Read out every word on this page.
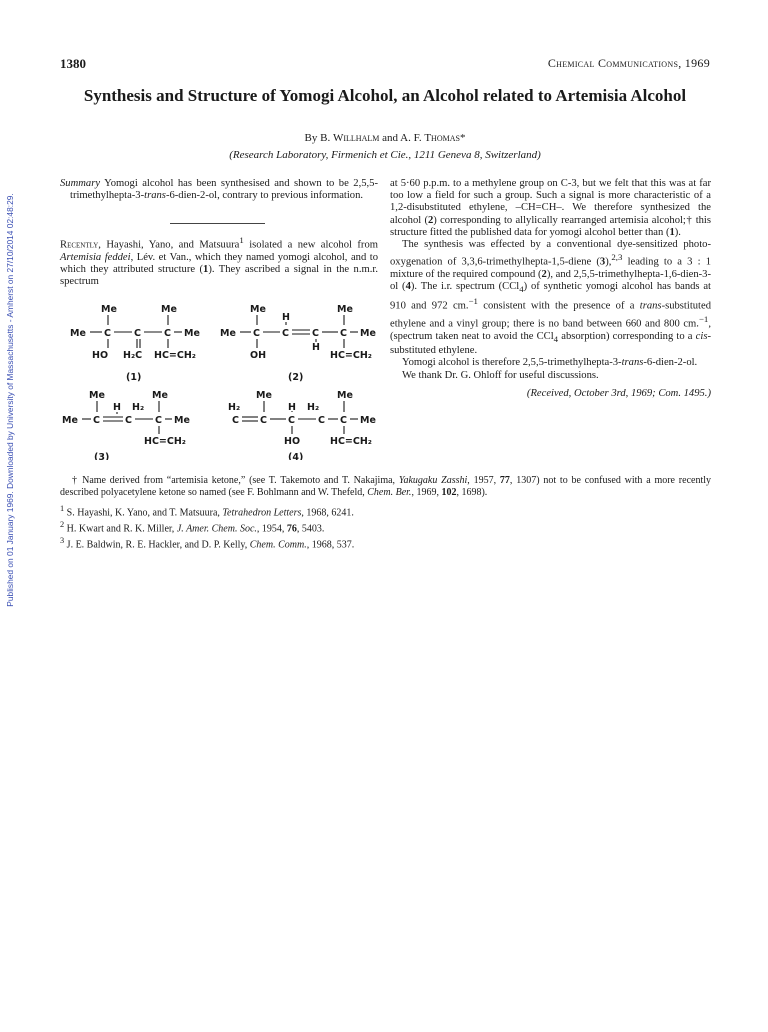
1380	Chemical Communications, 1969
Synthesis and Structure of Yomogi Alcohol, an Alcohol related to Artemisia Alcohol
By B. Willhalm and A. F. Thomas*
(Research Laboratory, Firmenich et Cie., 1211 Geneva 8, Switzerland)
Published on 01 January 1969. Downloaded by University of Massachusetts - Amherst on 27/10/2014 02:48:29.
Summary Yomogi alcohol has been synthesised and shown to be 2,5,5-trimethylhepta-3-trans-6-dien-2-ol, contrary to previous information.
Recently, Hayashi, Yano, and Matsuura$^1$ isolated a new alcohol from Artemisia feddei, Lév. et Van., which they named yomogi alcohol, and to which they attributed structure (1). They ascribed a signal in the n.m.r. spectrum
Me	Me
Me C C C Me
HO H₂C HC=CH₂
(1)
Me	Me
Me C
H
C C
H
C Me
OH	HC=CH₂
(2)
Me	Me
Me C
H
C
H₂
C Me
HC=CH₂
(3)
Me	Me
H₂
C C
H
C
H₂
C C Me
HO	HC=CH₂
(4)
at 5·60 p.p.m. to a methylene group on C-3, but we felt that this was at far too low a field for such a group. Such a signal is more characteristic of a 1,2-disubstituted ethylene, –CH=CH–. We therefore synthesized the alcohol (2) corresponding to allylically rearranged artemisia alcohol;† this structure fitted the published data for yomogi alcohol better than (1).
The synthesis was effected by a conventional dye-sensitized photo-oxygenation of 3,3,6-trimethylhepta-1,5-diene (3),$^{2,3}$ leading to a 3 : 1 mixture of the required compound (2), and 2,5,5-trimethylhepta-1,6-dien-3-ol (4). The i.r. spectrum (CCl$_4$) of synthetic yomogi alcohol has bands at 910 and 972 cm.$^{-1}$ consistent with the presence of a trans-substituted ethylene and a vinyl group; there is no band between 660 and 800 cm.$^{-1}$, (spectrum taken neat to avoid the CCl$_4$ absorption) corresponding to a cis-substituted ethylene.
Yomogi alcohol is therefore 2,5,5-trimethylhepta-3-trans-6-dien-2-ol.
We thank Dr. G. Ohloff for useful discussions.
(Received, October 3rd, 1969; Com. 1495.)
† Name derived from “artemisia ketone,” (see T. Takemoto and T. Nakajima, Yakugaku Zasshi, 1957, 77, 1307) not to be confused with a more recently described polyacetylene ketone so named (see F. Bohlmann and W. Thefeld, Chem. Ber., 1969, 102, 1698).
$^1$ S. Hayashi, K. Yano, and T. Matsuura, Tetrahedron Letters, 1968, 6241.
$^2$ H. Kwart and R. K. Miller, J. Amer. Chem. Soc., 1954, 76, 5403.
$^3$ J. E. Baldwin, R. E. Hackler, and D. P. Kelly, Chem. Comm., 1968, 537.
